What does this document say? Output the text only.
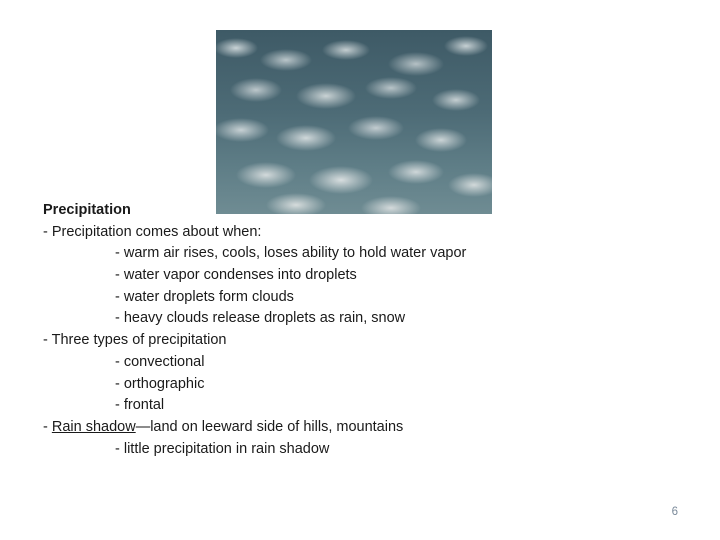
Precipitation
- Precipitation comes about when:
- warm air rises, cools, loses ability to hold water vapor
- water vapor condenses into droplets
- water droplets form clouds
- heavy clouds release droplets as rain, snow
- Three types of precipitation
- convectional
- orthographic
- frontal
- Rain shadow—land on leeward side of hills, mountains
- little precipitation in rain shadow
6
